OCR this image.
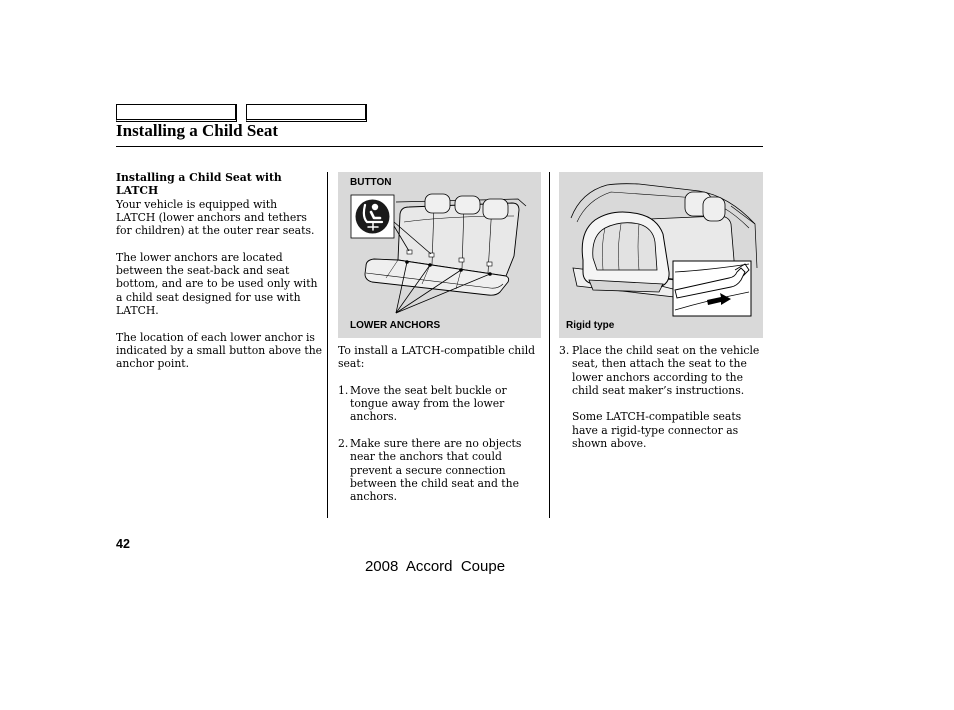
Installing a Child Seat
Installing a Child Seat with
LATCH
Your vehicle is equipped with
LATCH (lower anchors and tethers
for children) at the outer rear seats.
The lower anchors are located
between the seat-back and seat
bottom, and are to be used only with
a child seat designed for use with
LATCH.
The location of each lower anchor is
indicated by a small button above the
anchor point.
BUTTON
LOWER ANCHORS	Rigid type
To install a LATCH-compatible child
seat:
1. Move the seat belt buckle or
tongue away from the lower
anchors.
2. Make sure there are no objects
near the anchors that could
prevent a secure connection
between the child seat and the
anchors.
3. Place the child seat on the vehicle
seat, then attach the seat to the
lower anchors according to the
child seat maker’s instructions.
Some LATCH-compatible seats
have a rigid-type connector as
shown above.
42
2008  Accord  Coupe
